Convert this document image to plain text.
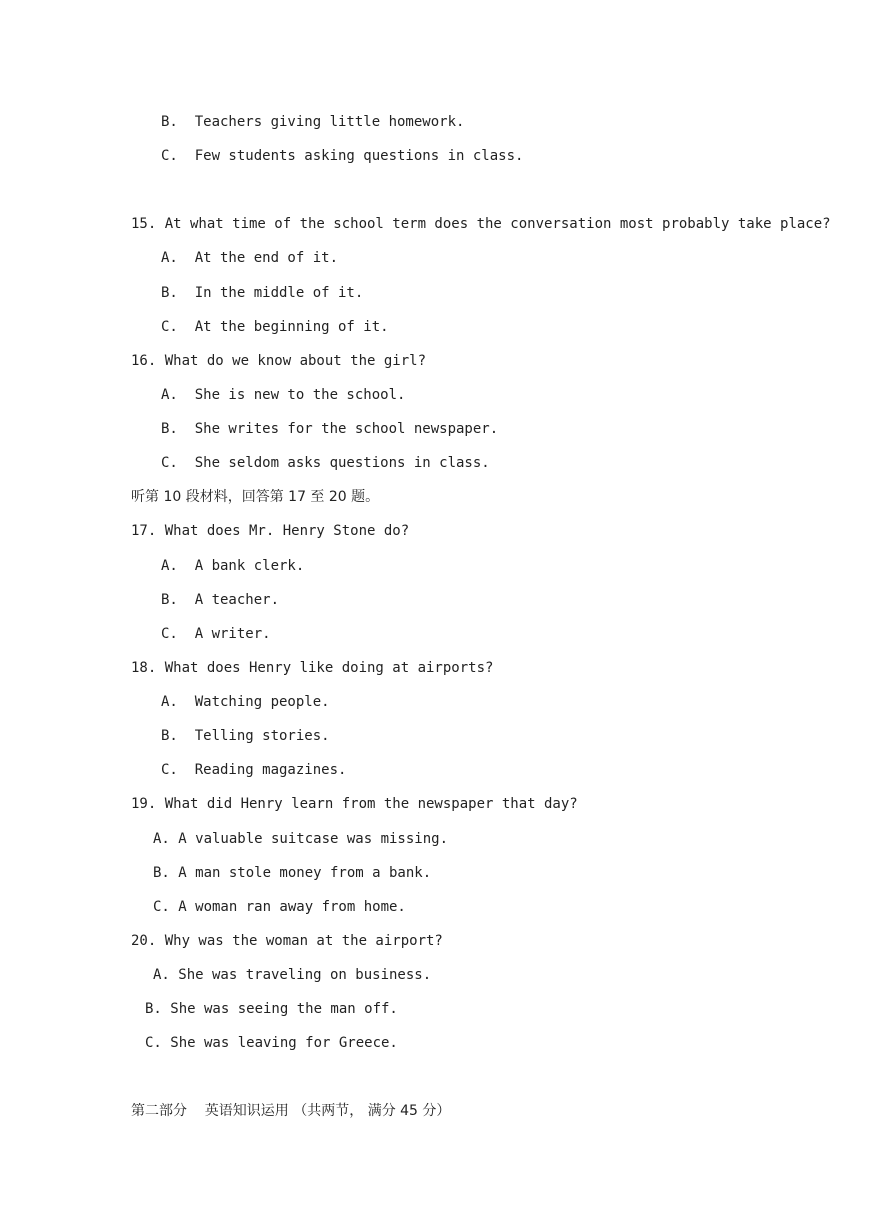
B.  Teachers giving little homework.
C.  Few students asking questions in class.
15. At what time of the school term does the conversation most probably take place?
A.  At the end of it.
B.  In the middle of it.
C.  At the beginning of it.
16. What do we know about the girl?
A.  She is new to the school.
B.  She writes for the school newspaper.
C.  She seldom asks questions in class.
听第 10 段材料，回答第 17 至 20 题。
17. What does Mr. Henry Stone do?
A.  A bank clerk.
B.  A teacher.
C.  A writer.
18. What does Henry like doing at airports?
A.  Watching people.
B.  Telling stories.
C.  Reading magazines.
19. What did Henry learn from the newspaper that day?
A. A valuable suitcase was missing.
B. A man stole money from a bank.
C. A woman ran away from home.
20. Why was the woman at the airport?
A. She was traveling on business.
B. She was seeing the man off.
C. She was leaving for Greece.
第二部分    英语知识运用 （共两节， 满分 45 分）
